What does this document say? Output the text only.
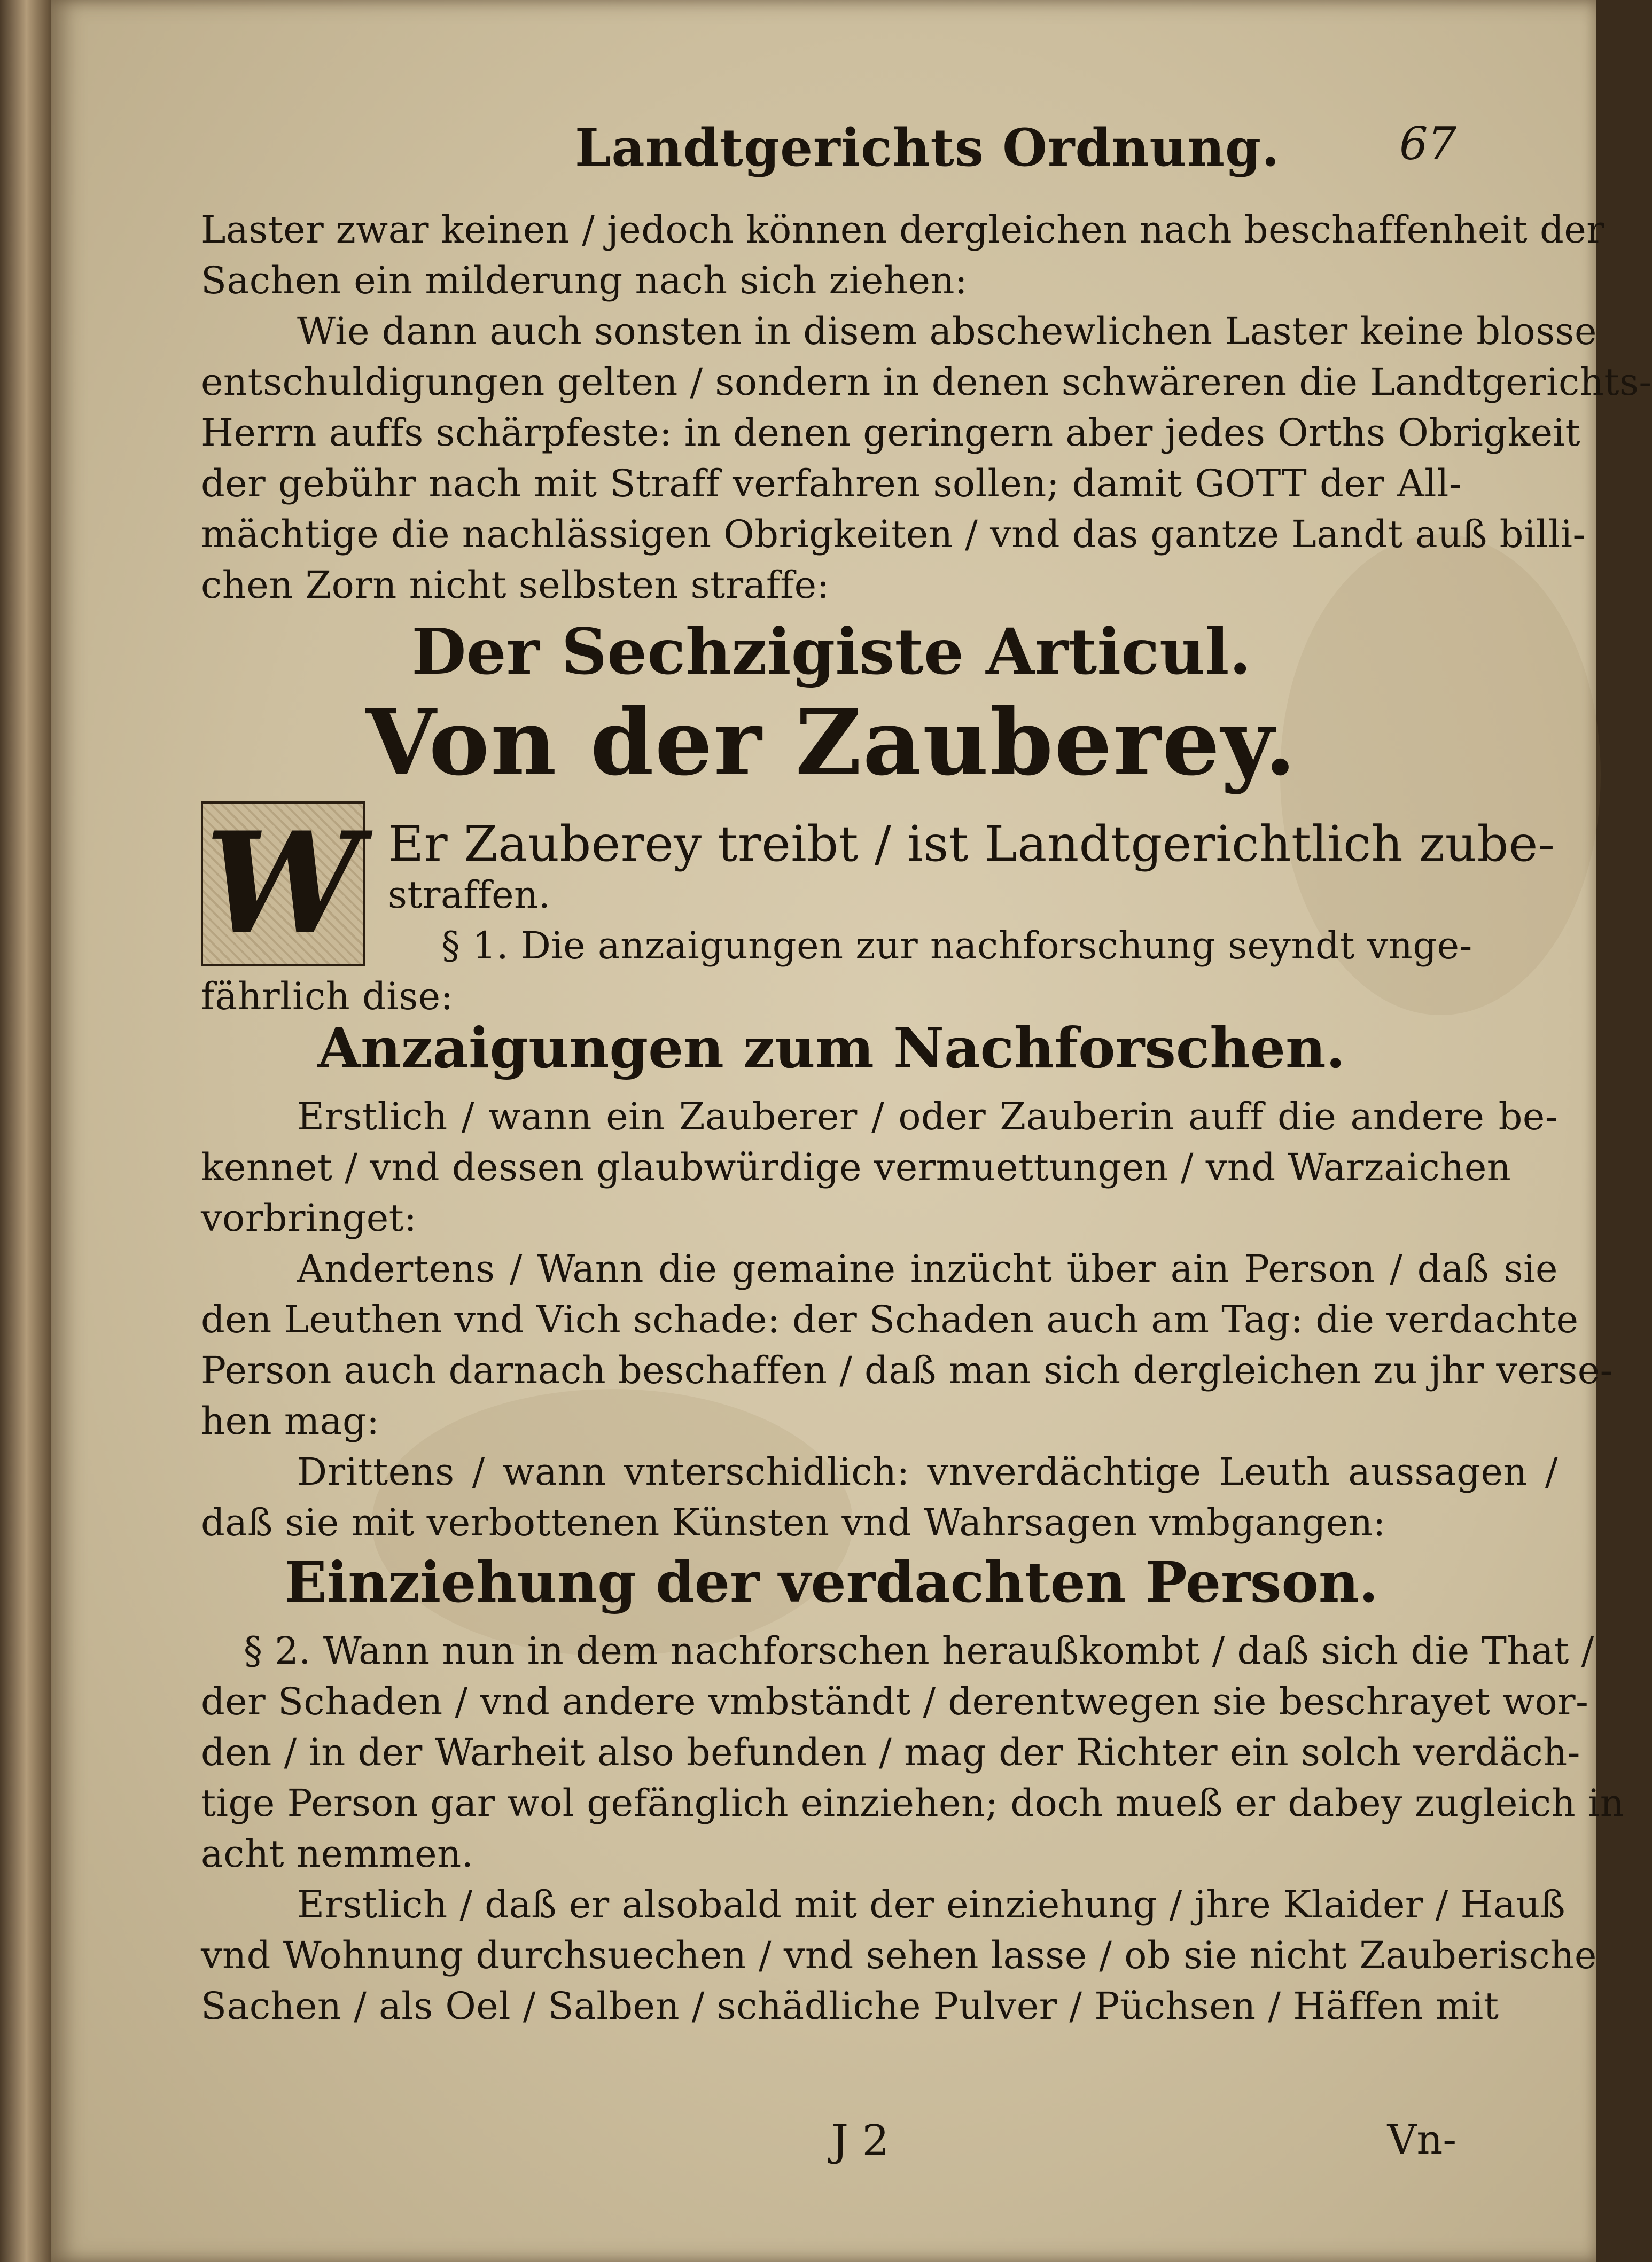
Landtgerichts Ordnung.	67
Laster zwar keinen / jedoch können dergleichen nach beschaffenheit der
Sachen ein milderung nach sich ziehen:
Wie dann auch sonsten in disem abschewlichen Laster keine blosse
entschuldigungen gelten / sondern in denen schwäreren die Landtgerichts-
Herrn auffs schärpfeste: in denen geringern aber jedes Orths Obrigkeit
der gebühr nach mit Straff verfahren sollen; damit GOTT der All-
mächtige die nachlässigen Obrigkeiten / vnd das gantze Landt auß billi-
chen Zorn nicht selbsten straffe:
Der Sechzigiste Articul.
Von der Zauberey.
W Er Zauberey treibt / ist Landtgerichtlich zube-
straffen.
§ 1. Die anzaigungen zur nachforschung seyndt vnge-
fährlich dise:
Anzaigungen zum Nachforschen.
Erstlich / wann ein Zauberer / oder Zauberin auff die andere be-
kennet / vnd dessen glaubwürdige vermuettungen / vnd Warzaichen
vorbringet:
Andertens / Wann die gemaine inzücht über ain Person / daß sie
den Leuthen vnd Vich schade: der Schaden auch am Tag: die verdachte
Person auch darnach beschaffen / daß man sich dergleichen zu jhr verse-
hen mag:
Drittens / wann vnterschidlich: vnverdächtige Leuth aussagen /
daß sie mit verbottenen Künsten vnd Wahrsagen vmbgangen:
Einziehung der verdachten Person.
§ 2. Wann nun in dem nachforschen heraußkombt / daß sich die That /
der Schaden / vnd andere vmbständt / derentwegen sie beschrayet wor-
den / in der Warheit also befunden / mag der Richter ein solch verdäch-
tige Person gar wol gefänglich einziehen; doch mueß er dabey zugleich in
acht nemmen.
Erstlich / daß er alsobald mit der einziehung / jhre Klaider / Hauß
vnd Wohnung durchsuechen / vnd sehen lasse / ob sie nicht Zauberische
Sachen / als Oel / Salben / schädliche Pulver / Püchsen / Häffen mit
J 2	Vn-
